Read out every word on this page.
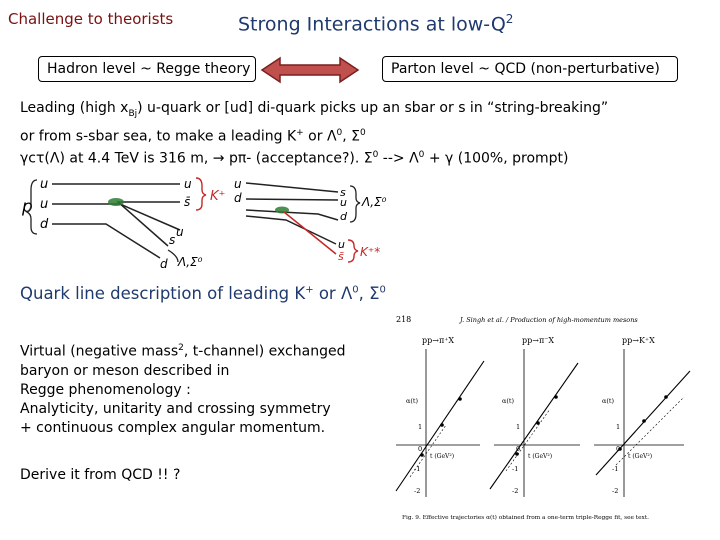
Challenge to theorists	Strong Interactions at low-$Q^2$
Hadron level ~ Regge theory	Parton level ~ QCD (non-perturbative)
Leading (high $x_{Bj}$) u-quark or [ud] di-quark picks up an sbar or s in “string-breaking”
or from s-sbar sea, to make a leading K+ or $\Lambda^0$, $\Sigma^0$
γcτ(Λ) at 4.4 TeV is 316 m, → pπ- (acceptance?). $\Sigma^0$ --> $\Lambda^0 + \gamma$ (100%, prompt)
p
u
u
d
u
s̄ K⁺
s
u
d Λ,Σ⁰
u
d	s
u
d
Λ,Σ⁰
u
s̄ K⁺*
Quark line description of leading K+ or $\Lambda^0$, $\Sigma^0$
Virtual (negative mass$^2$, t-channel) exchanged
baryon or meson described in
Regge phenomenology :
Analyticity, unitarity and crossing symmetry
+ continuous complex angular momentum.
Derive it from QCD !! ?
218	J. Singh et al. / Production of high-momentum mesons
pp→π⁺X
α(t)
1
0
-1
-2
t (GeV²)
pp→π⁻X
α(t)
1
0
-1
-2
t (GeV²)
pp→K⁺X
α(t)
1
0
-1
-2
t (GeV²)
Fig. 9. Effective trajectories α(t) obtained from a one-term triple-Regge fit, see text.
